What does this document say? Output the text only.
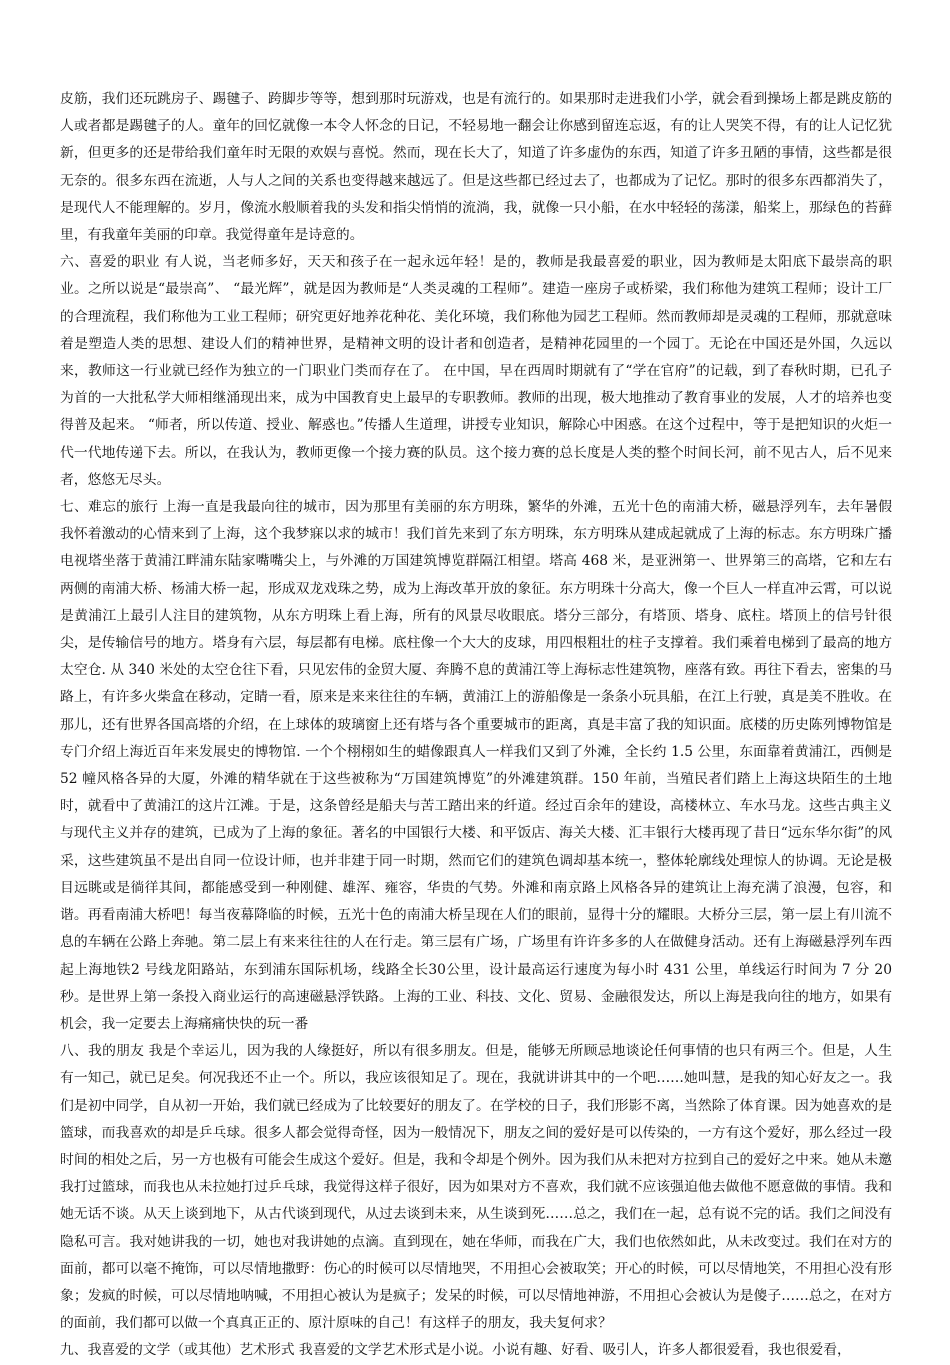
皮筋，我们还玩跳房子、踢毽子、跨脚步等等，想到那时玩游戏，也是有流行的。如果那时走进我们小学，就会看到操场上都是跳皮筋的人或者都是踢毽子的人。童年的回忆就像一本令人怀念的日记，不轻易地一翻会让你感到留连忘返，有的让人哭笑不得，有的让人记忆犹新，但更多的还是带给我们童年时无限的欢娱与喜悦。然而，现在长大了，知道了许多虚伪的东西，知道了许多丑陋的事情，这些都是很无奈的。很多东西在流逝，人与人之间的关系也变得越来越远了。但是这些都已经过去了，也都成为了记忆。那时的很多东西都消失了，是现代人不能理解的。岁月，像流水般顺着我的头发和指尖悄悄的流淌，我，就像一只小船，在水中轻轻的荡漾，船桨上，那绿色的苔藓里，有我童年美丽的印章。我觉得童年是诗意的。

六、喜爱的职业 有人说，当老师多好，天天和孩子在一起永远年轻！是的，教师是我最喜爱的职业，因为教师是太阳底下最崇高的职业。之所以说是“最崇高”、 “最光辉”，就是因为教师是“人类灵魂的工程师”。建造一座房子或桥梁，我们称他为建筑工程师；设计工厂的合理流程，我们称他为工业工程师；研究更好地养花种花、美化环境，我们称他为园艺工程师。然而教师却是灵魂的工程师，那就意味着是塑造人类的思想、建设人们的精神世界，是精神文明的设计者和创造者，是精神花园里的一个园丁。无论在中国还是外国，久远以来，教师这一行业就已经作为独立的一门职业门类而存在了。 在中国，早在西周时期就有了“学在官府”的记载，到了春秋时期，已孔子为首的一大批私学大师相继涌现出来，成为中国教育史上最早的专职教师。教师的出现，极大地推动了教育事业的发展，人才的培养也变得普及起来。 “师者，所以传道、授业、解惑也。”传播人生道理，讲授专业知识，解除心中困惑。在这个过程中，等于是把知识的火炬一代一代地传递下去。所以，在我认为，教师更像一个接力赛的队员。这个接力赛的总长度是人类的整个时间长河，前不见古人，后不见来者，悠悠无尽头。

七、难忘的旅行 上海一直是我最向往的城市，因为那里有美丽的东方明珠，繁华的外滩，五光十色的南浦大桥，磁悬浮列车，去年暑假我怀着激动的心情来到了上海，这个我梦寐以求的城市！我们首先来到了东方明珠，东方明珠从建成起就成了上海的标志。东方明珠广播电视塔坐落于黄浦江畔浦东陆家嘴嘴尖上，与外滩的万国建筑博览群隔江相望。塔高 468 米，是亚洲第一、世界第三的高塔，它和左右两侧的南浦大桥、杨浦大桥一起，形成双龙戏珠之势，成为上海改革开放的象征。东方明珠十分高大，像一个巨人一样直冲云霄，可以说是黄浦江上最引人注目的建筑物，从东方明珠上看上海，所有的风景尽收眼底。塔分三部分，有塔顶、塔身、底柱。塔顶上的信号针很尖，是传输信号的地方。塔身有六层，每层都有电梯。底柱像一个大大的皮球，用四根粗壮的柱子支撑着。我们乘着电梯到了最高的地方太空仓. 从 340 米处的太空仓往下看，只见宏伟的金贸大厦、奔腾不息的黄浦江等上海标志性建筑物，座落有致。再往下看去，密集的马路上，有许多火柴盒在移动，定睛一看，原来是来来往往的车辆，黄浦江上的游船像是一条条小玩具船，在江上行驶，真是美不胜收。在那儿，还有世界各国高塔的介绍，在上球体的玻璃窗上还有塔与各个重要城市的距离，真是丰富了我的知识面。底楼的历史陈列博物馆是专门介绍上海近百年来发展史的博物馆. 一个个栩栩如生的蜡像跟真人一样我们又到了外滩，全长约 1.5 公里，东面靠着黄浦江，西侧是 52 幢风格各异的大厦，外滩的精华就在于这些被称为“万国建筑博览”的外滩建筑群。150 年前，当殖民者们踏上上海这块陌生的土地时，就看中了黄浦江的这片江滩。于是，这条曾经是船夫与苦工踏出来的纤道。经过百余年的建设，高楼林立、车水马龙。这些古典主义与现代主义并存的建筑，已成为了上海的象征。著名的中国银行大楼、和平饭店、海关大楼、汇丰银行大楼再现了昔日“远东华尔街”的风采，这些建筑虽不是出自同一位设计师，也并非建于同一时期，然而它们的建筑色调却基本统一，整体轮廓线处理惊人的协调。无论是极目远眺或是徜徉其间，都能感受到一种刚健、雄浑、雍容，华贵的气势。外滩和南京路上风格各异的建筑让上海充满了浪漫，包容，和谐。再看南浦大桥吧！每当夜幕降临的时候，五光十色的南浦大桥呈现在人们的眼前，显得十分的耀眼。大桥分三层，第一层上有川流不息的车辆在公路上奔驰。第二层上有来来往往的人在行走。第三层有广场，广场里有许许多多的人在做健身活动。还有上海磁悬浮列车西起上海地铁2 号线龙阳路站，东到浦东国际机场，线路全长30公里，设计最高运行速度为每小时 431 公里，单线运行时间为 7 分 20 秒。是世界上第一条投入商业运行的高速磁悬浮铁路。上海的工业、科技、文化、贸易、金融很发达，所以上海是我向往的地方，如果有机会，我一定要去上海痛痛快快的玩一番

八、我的朋友 我是个幸运儿，因为我的人缘挺好，所以有很多朋友。但是，能够无所顾忌地谈论任何事情的也只有两三个。但是，人生有一知己，就已足矣。何况我还不止一个。所以，我应该很知足了。现在，我就讲讲其中的一个吧……她叫慧，是我的知心好友之一。我们是初中同学，自从初一开始，我们就已经成为了比较要好的朋友了。在学校的日子，我们形影不离，当然除了体育课。因为她喜欢的是篮球，而我喜欢的却是乒乓球。很多人都会觉得奇怪，因为一般情况下，朋友之间的爱好是可以传染的，一方有这个爱好，那么经过一段时间的相处之后，另一方也极有可能会生成这个爱好。但是，我和令却是个例外。因为我们从未把对方拉到自己的爱好之中来。她从未邀我打过篮球，而我也从未拉她打过乒乓球，我觉得这样子很好，因为如果对方不喜欢，我们就不应该强迫他去做他不愿意做的事情。我和她无话不谈。从天上谈到地下，从古代谈到现代，从过去谈到未来，从生谈到死……总之，我们在一起，总有说不完的话。我们之间没有隐私可言。我对她讲我的一切，她也对我讲她的点滴。直到现在，她在华师，而我在广大，我们也依然如此，从未改变过。我们在对方的面前，都可以毫不掩饰，可以尽情地撒野：伤心的时候可以尽情地哭，不用担心会被取笑；开心的时候，可以尽情地笑，不用担心没有形象；发疯的时候，可以尽情地呐喊，不用担心被认为是疯子；发呆的时候，可以尽情地神游，不用担心会被认为是傻子……总之，在对方的面前，我们都可以做一个真真正正的、原汁原味的自己！有这样子的朋友，我夫复何求？

九、我喜爱的文学（或其他）艺术形式 我喜爱的文学艺术形式是小说。小说有趣、好看、吸引人，许多人都很爱看，我也很爱看，
